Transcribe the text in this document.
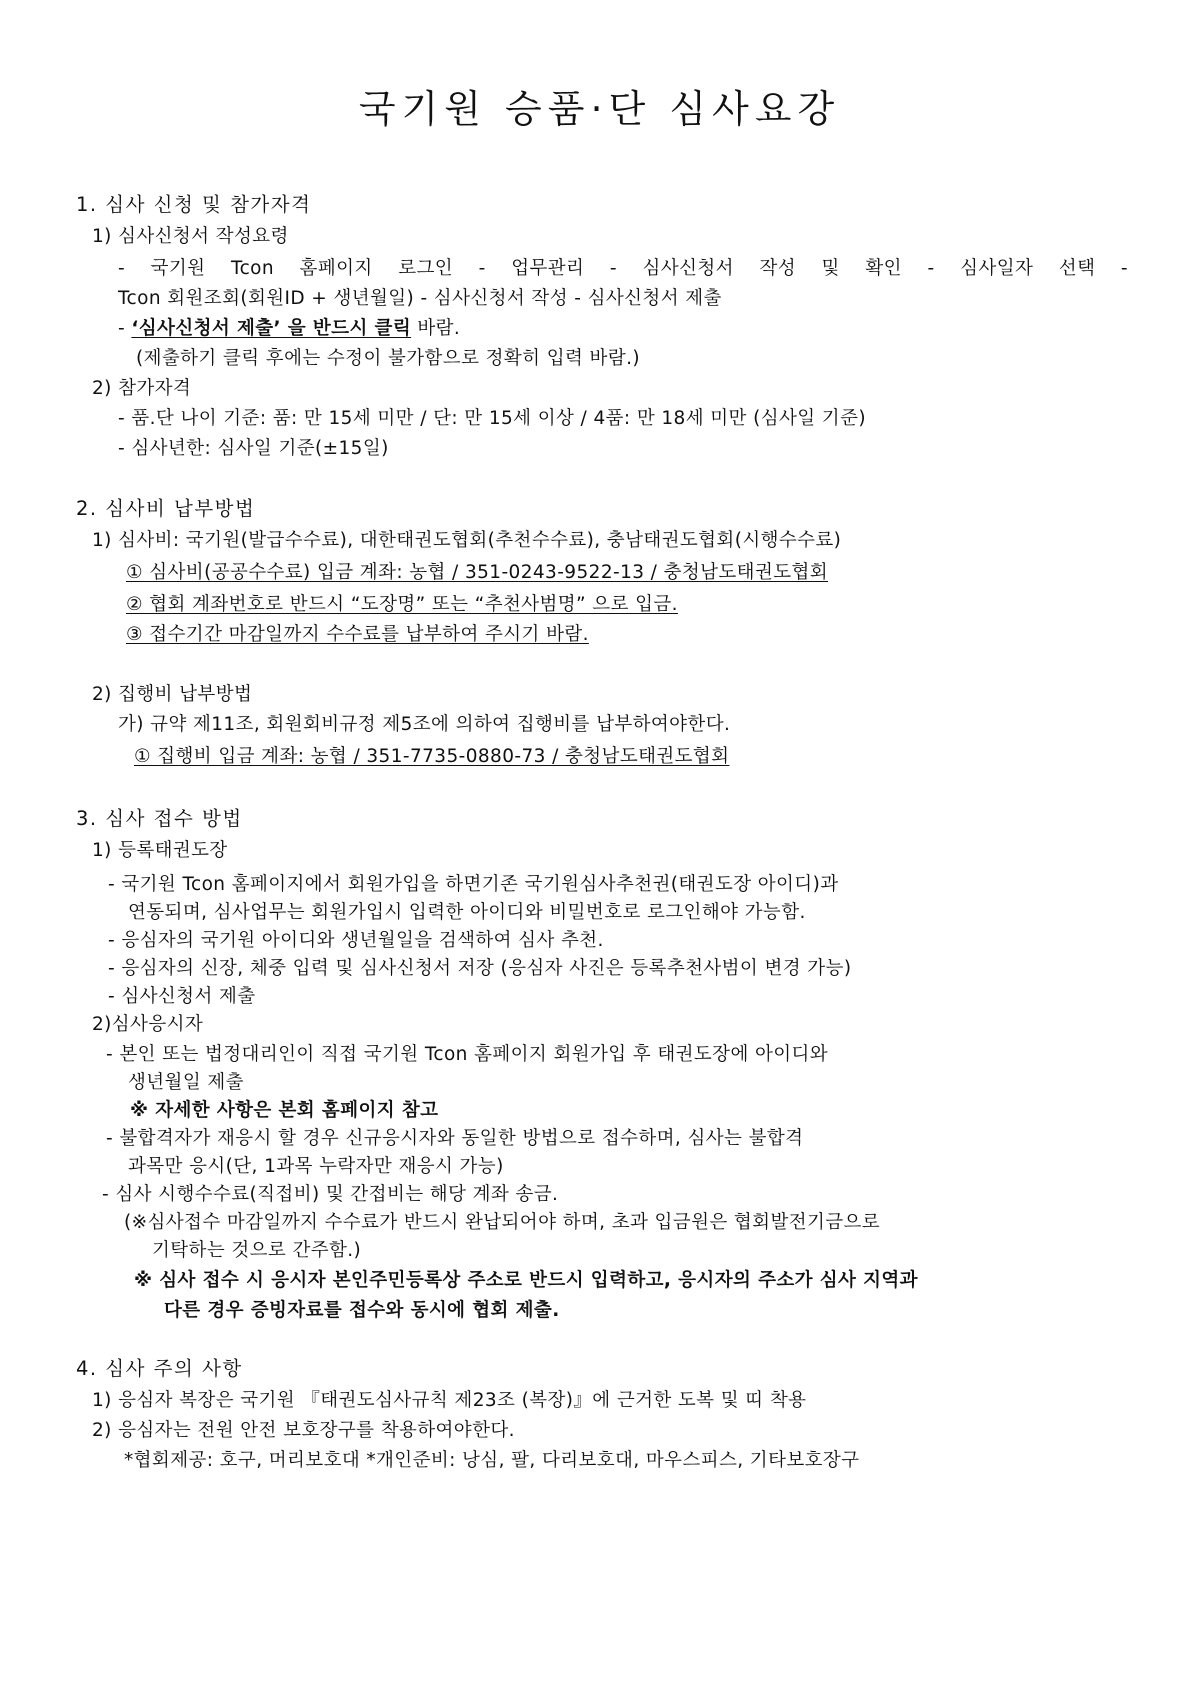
국기원 승품·단 심사요강
1. 심사 신청 및 참가자격
1) 심사신청서 작성요령
- 국기원 Tcon 홈페이지 로그인 - 업무관리 - 심사신청서 작성 및 확인 - 심사일자 선택 -
Tcon 회원조회(회원ID + 생년월일) - 심사신청서 작성 - 심사신청서 제출
- ‘심사신청서 제출’ 을 반드시 클릭 바람.
(제출하기 클릭 후에는 수정이 불가함으로 정확히 입력 바람.)
2) 참가자격
- 품.단 나이 기준: 품: 만 15세 미만 / 단: 만 15세 이상 / 4품: 만 18세 미만 (심사일 기준)
- 심사년한: 심사일 기준(±15일)
2. 심사비 납부방법
1) 심사비: 국기원(발급수수료), 대한태권도협회(추천수수료), 충남태권도협회(시행수수료)
① 심사비(공공수수료) 입금 계좌: 농협 / 351-0243-9522-13 / 충청남도태권도협회
② 협회 계좌번호로 반드시 “도장명” 또는 “추천사범명” 으로 입금.
③ 접수기간 마감일까지 수수료를 납부하여 주시기 바람.
2) 집행비 납부방법
가) 규약 제11조, 회원회비규정 제5조에 의하여 집행비를 납부하여야한다.
① 집행비 입금 계좌: 농협 / 351-7735-0880-73 / 충청남도태권도협회
3. 심사 접수 방법
1) 등록태권도장
- 국기원 Tcon 홈페이지에서 회원가입을 하면기존 국기원심사추천권(태권도장 아이디)과
연동되며, 심사업무는 회원가입시 입력한 아이디와 비밀번호로 로그인해야 가능함.
- 응심자의 국기원 아이디와 생년월일을 검색하여 심사 추천.
- 응심자의 신장, 체중 입력 및 심사신청서 저장 (응심자 사진은 등록추천사범이 변경 가능)
- 심사신청서 제출
2)심사응시자
- 본인 또는 법정대리인이 직접 국기원 Tcon 홈페이지 회원가입 후 태권도장에 아이디와
생년월일 제출
※ 자세한 사항은 본회 홈페이지 참고
- 불합격자가 재응시 할 경우 신규응시자와 동일한 방법으로 접수하며, 심사는 불합격
과목만 응시(단, 1과목 누락자만 재응시 가능)
- 심사 시행수수료(직접비) 및 간접비는 해당 계좌 송금.
(※심사접수 마감일까지 수수료가 반드시 완납되어야 하며, 초과 입금원은 협회발전기금으로
기탁하는 것으로 간주함.)
※ 심사 접수 시 응시자 본인주민등록상 주소로 반드시 입력하고, 응시자의 주소가 심사 지역과
다른 경우 증빙자료를 접수와 동시에 협회 제출.
4. 심사 주의 사항
1) 응심자 복장은 국기원 『태권도심사규칙 제23조 (복장)』에 근거한 도복 및 띠 착용
2) 응심자는 전원 안전 보호장구를 착용하여야한다.
*협회제공: 호구, 머리보호대 *개인준비: 낭심, 팔, 다리보호대, 마우스피스, 기타보호장구
